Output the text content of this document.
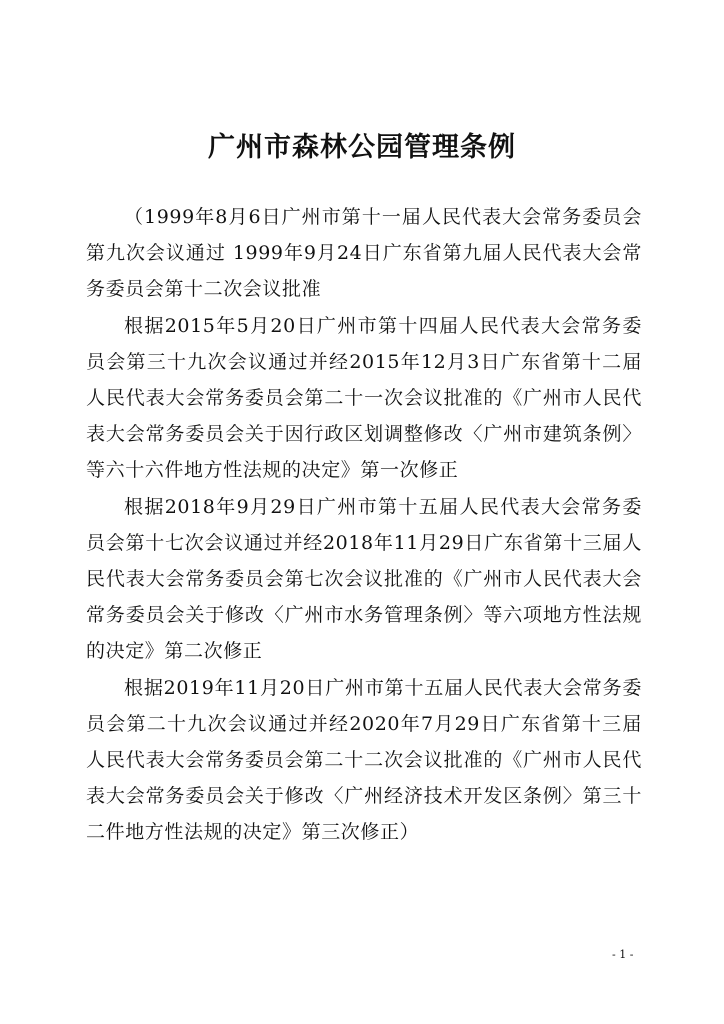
广州市森林公园管理条例

（1999年8月6日广州市第十一届人民代表大会常务委员会第九次会议通过 1999年9月24日广东省第九届人民代表大会常务委员会第十二次会议批准

根据2015年5月20日广州市第十四届人民代表大会常务委员会第三十九次会议通过并经2015年12月3日广东省第十二届人民代表大会常务委员会第二十一次会议批准的《广州市人民代表大会常务委员会关于因行政区划调整修改〈广州市建筑条例〉等六十六件地方性法规的决定》第一次修正

根据2018年9月29日广州市第十五届人民代表大会常务委员会第十七次会议通过并经2018年11月29日广东省第十三届人民代表大会常务委员会第七次会议批准的《广州市人民代表大会常务委员会关于修改〈广州市水务管理条例〉等六项地方性法规的决定》第二次修正

根据2019年11月20日广州市第十五届人民代表大会常务委员会第二十九次会议通过并经2020年7月29日广东省第十三届人民代表大会常务委员会第二十二次会议批准的《广州市人民代表大会常务委员会关于修改〈广州经济技术开发区条例〉第三十二件地方性法规的决定》第三次修正）

- 1 -
